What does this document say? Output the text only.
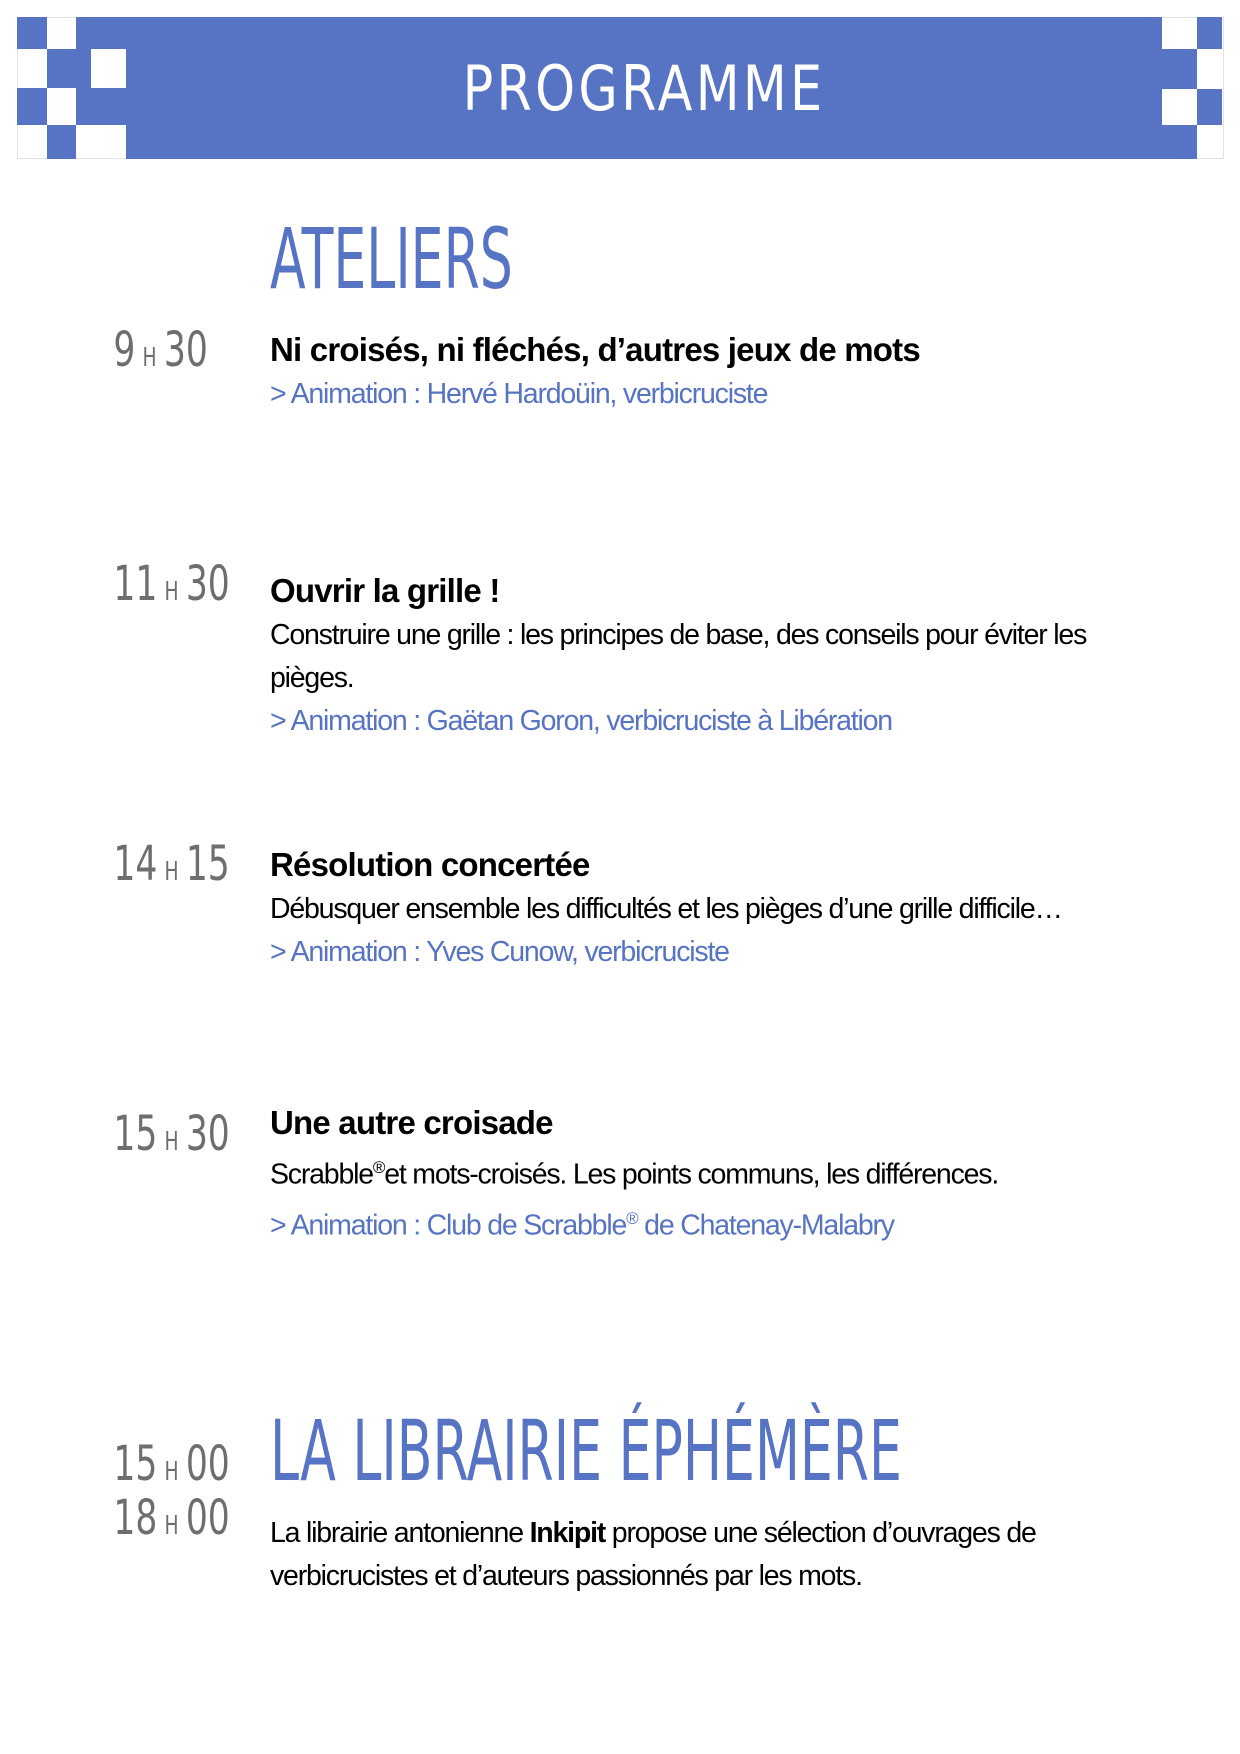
PROGRAMME
ATELIERS
9 H 30 Ni croisés, ni fléchés, d’autres jeux de mots

> Animation : Hervé Hardoüin, verbicruciste

11 H 30 Ouvrir la grille !

Construire une grille : les principes de base, des conseils pour éviter les pièges.

> Animation : Gaëtan Goron, verbicruciste à Libération

14 H 15 Résolution concertée

Débusquer ensemble les difficultés et les pièges d’une grille difficile…

> Animation : Yves Cunow, verbicruciste

15 H 30 Une autre croisade

Scrabble®et mots-croisés. Les points communs, les différences.

> Animation : Club de Scrabble® de Chatenay-Malabry

LA LIBRAIRIE ÉPHÉMÈRE
15 H 00
18 H 00 La librairie antonienne Inkipit propose une sélection d’ouvrages de verbicrucistes et d’auteurs passionnés par les mots.
